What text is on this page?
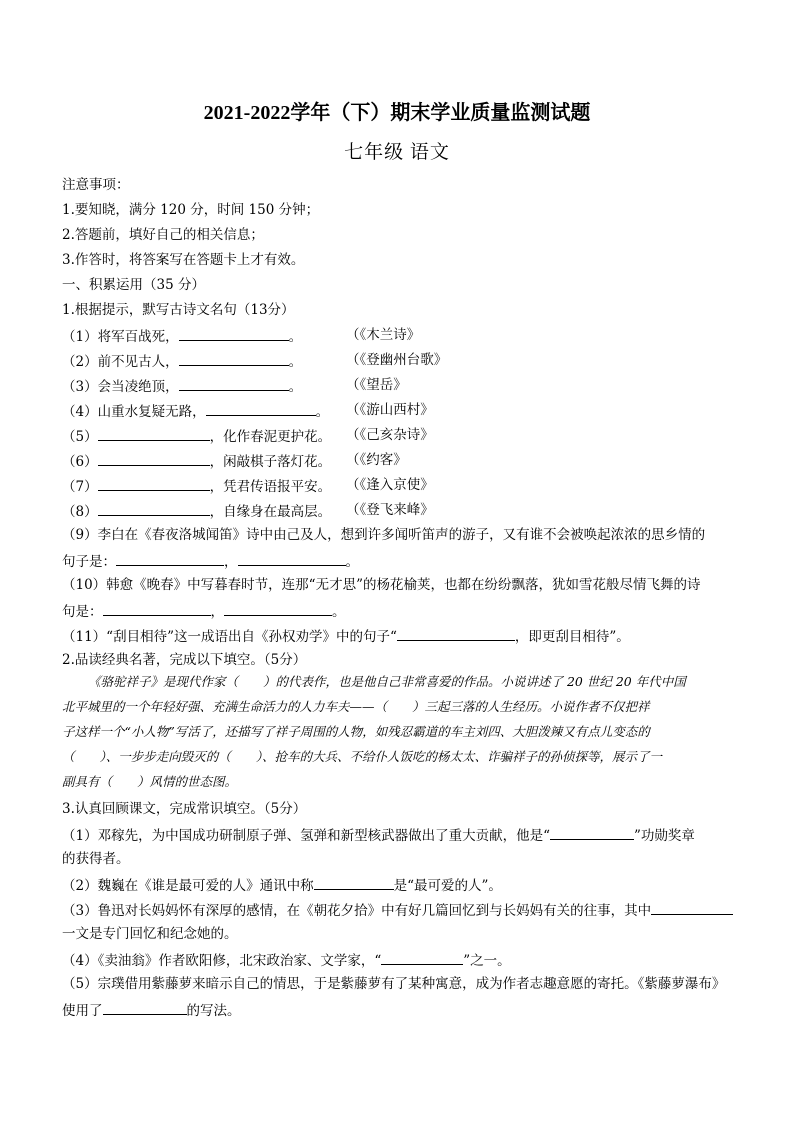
2021-2022学年（下）期末学业质量监测试题
七年级 语文
注意事项：
1.要知晓，满分 120 分，时间 150 分钟；
2.答题前，填好自己的相关信息；
3.作答时，将答案写在答题卡上才有效。
一、积累运用（35 分）
1.根据提示，默写古诗文名句（13分）
（1）将军百战死，	。	（《木兰诗》
（2）前不见古人，	。	（《登幽州台歌》
（3）会当凌绝顶，	。	（《望岳》
（4）山重水复疑无路，	。 （《游山西村》
（5）	，化作春泥更护花。 （《己亥杂诗》
（6）	，闲敲棋子落灯花。 （《约客》
（7）	，凭君传语报平安。 （《逢入京使》
（8）	，自缘身在最高层。 （《登飞来峰》
（9）李白在《春夜洛城闻笛》诗中由己及人，想到许多闻听笛声的游子，又有谁不会被唤起浓浓的思乡情的
句子是：	，	。
（10）韩愈《晚春》中写暮春时节，连那“无才思”的杨花榆荚，也都在纷纷飘落，犹如雪花般尽情飞舞的诗
句是：	，	。
（11）“刮目相待”这一成语出自《孙权劝学》中的句子“	，即更刮目相待”。
2.品读经典名著，完成以下填空。（5分）
《骆驼祥子》是现代作家（　　）的代表作，也是他自己非常喜爱的作品。小说讲述了 20 世纪 20 年代中国
北平城里的一个年轻好强、充满生命活力的人力车夫——（　　）三起三落的人生经历。小说作者不仅把祥
子这样一个“小人物”写活了，还描写了祥子周围的人物，如残忍霸道的车主刘四、大胆泼辣又有点儿变态的
（　　）、一步步走向毁灭的（　　）、抢车的大兵、不给仆人饭吃的杨太太、诈骗祥子的孙侦探等，展示了一
副具有（　　）风情的世态图。
3.认真回顾课文，完成常识填空。（5分）
（1）邓稼先，为中国成功研制原子弹、氢弹和新型核武器做出了重大贡献，他是“	”功勋奖章
的获得者。
（2）魏巍在《谁是最可爱的人》通讯中称	是“最可爱的人”。
（3）鲁迅对长妈妈怀有深厚的感情，在《朝花夕拾》中有好几篇回忆到与长妈妈有关的往事，其中
一文是专门回忆和纪念她的。
（4）《卖油翁》作者欧阳修，北宋政治家、文学家，“	”之一。
（5）宗璞借用紫藤萝来暗示自己的情思，于是紫藤萝有了某种寓意，成为作者志趣意愿的寄托。《紫藤萝瀑布》
使用了	的写法。
